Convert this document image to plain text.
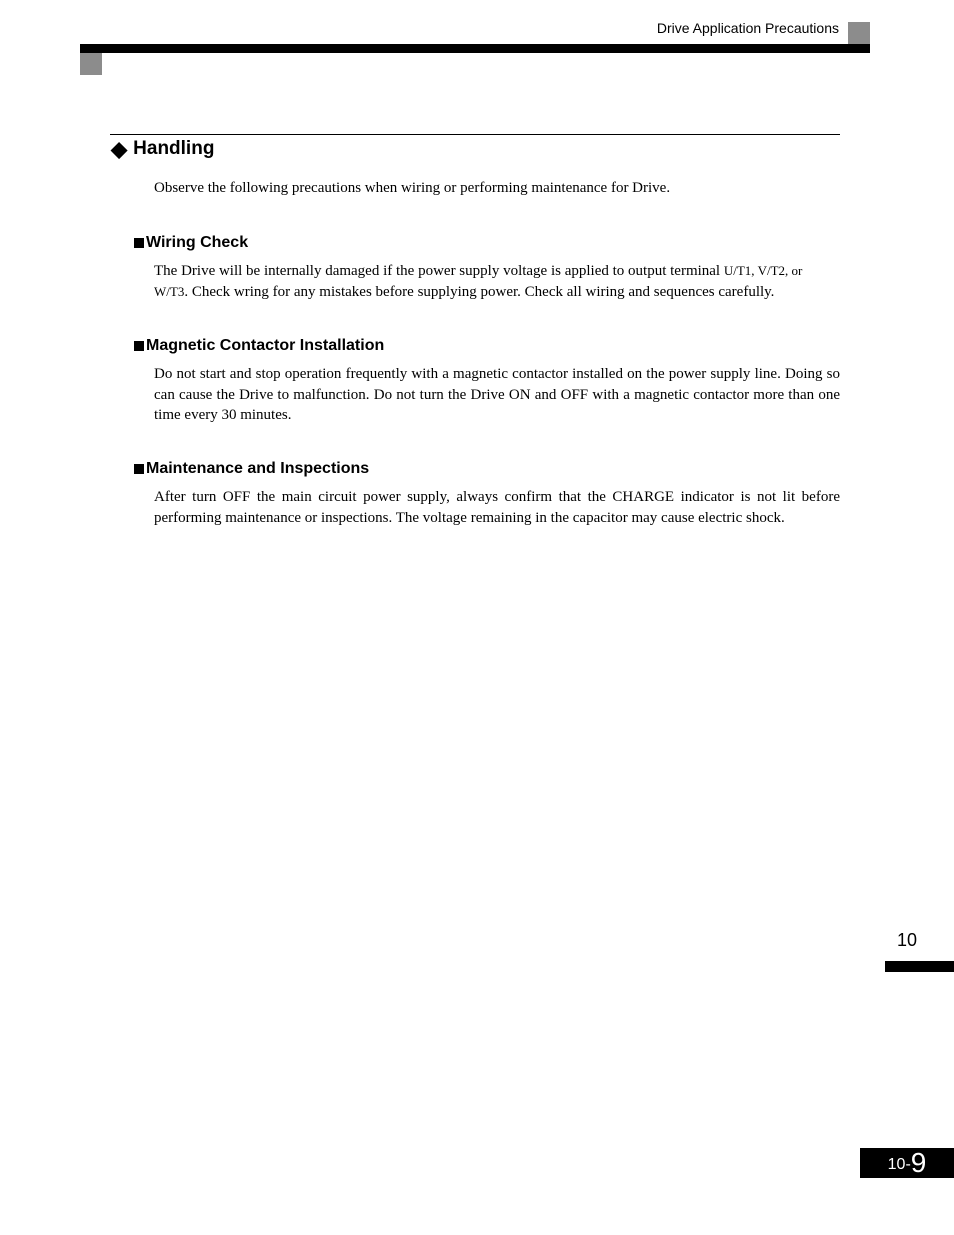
Drive Application Precautions
◆ Handling
Observe the following precautions when wiring or performing maintenance for Drive.
Wiring Check
The Drive will be internally damaged if the power supply voltage is applied to output terminal U/T1, V/T2, or
W/T3. Check wring for any mistakes before supplying power. Check all wiring and sequences carefully.
Magnetic Contactor Installation
Do not start and stop operation frequently with a magnetic contactor installed on the power supply line. Doing so can cause the Drive to malfunction. Do not turn the Drive ON and OFF with a magnetic contactor more than one time every 30 minutes.
Maintenance and Inspections
After turn OFF the main circuit power supply, always confirm that the CHARGE indicator is not lit before performing maintenance or inspections. The voltage remaining in the capacitor may cause electric shock.
10
10- 9
